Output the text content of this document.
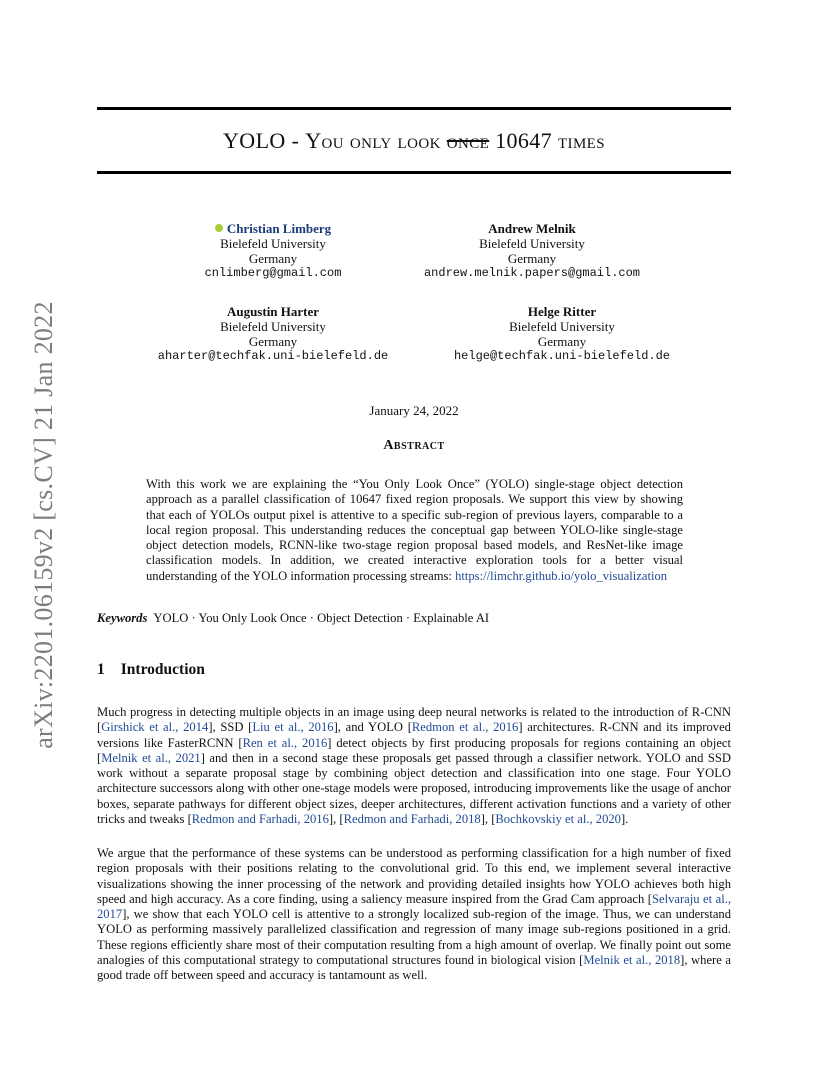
arXiv:2201.06159v2 [cs.CV] 21 Jan 2022
YOLO - You only look once 10647 times
Christian Limberg
Bielefeld University
Germany
cnlimberg@gmail.com
Andrew Melnik
Bielefeld University
Germany
andrew.melnik.papers@gmail.com
Augustin Harter
Bielefeld University
Germany
aharter@techfak.uni-bielefeld.de
Helge Ritter
Bielefeld University
Germany
helge@techfak.uni-bielefeld.de
January 24, 2022
Abstract
With this work we are explaining the “You Only Look Once” (YOLO) single-stage object detection approach as a parallel classification of 10647 fixed region proposals. We support this view by showing that each of YOLOs output pixel is attentive to a specific sub-region of previous layers, comparable to a local region proposal. This understanding reduces the conceptual gap between YOLO-like single-stage object detection models, RCNN-like two-stage region proposal based models, and ResNet-like image classification models. In addition, we created interactive exploration tools for a better visual understanding of the YOLO information processing streams: https://limchr.github.io/yolo_visualization
Keywords YOLO · You Only Look Once · Object Detection · Explainable AI
1 Introduction

Much progress in detecting multiple objects in an image using deep neural networks is related to the introduction of R-CNN [Girshick et al., 2014], SSD [Liu et al., 2016], and YOLO [Redmon et al., 2016] architectures. R-CNN and its improved versions like FasterRCNN [Ren et al., 2016] detect objects by first producing proposals for regions containing an object [Melnik et al., 2021] and then in a second stage these proposals get passed through a classifier network. YOLO and SSD work without a separate proposal stage by combining object detection and classification into one stage. Four YOLO architecture successors along with other one-stage models were proposed, introducing improvements like the usage of anchor boxes, separate pathways for different object sizes, deeper architectures, different activation functions and a variety of other tricks and tweaks [Redmon and Farhadi, 2016], [Redmon and Farhadi, 2018], [Bochkovskiy et al., 2020].

We argue that the performance of these systems can be understood as performing classification for a high number of fixed region proposals with their positions relating to the convolutional grid. To this end, we implement several interactive visualizations showing the inner processing of the network and providing detailed insights how YOLO achieves both high speed and high accuracy. As a core finding, using a saliency measure inspired from the Grad Cam approach [Selvaraju et al., 2017], we show that each YOLO cell is attentive to a strongly localized sub-region of the image. Thus, we can understand YOLO as performing massively parallelized classification and regression of many image sub-regions positioned in a grid. These regions efficiently share most of their computation resulting from a high amount of overlap. We finally point out some analogies of this computational strategy to computational structures found in biological vision [Melnik et al., 2018], where a good trade off between speed and accuracy is tantamount as well.
